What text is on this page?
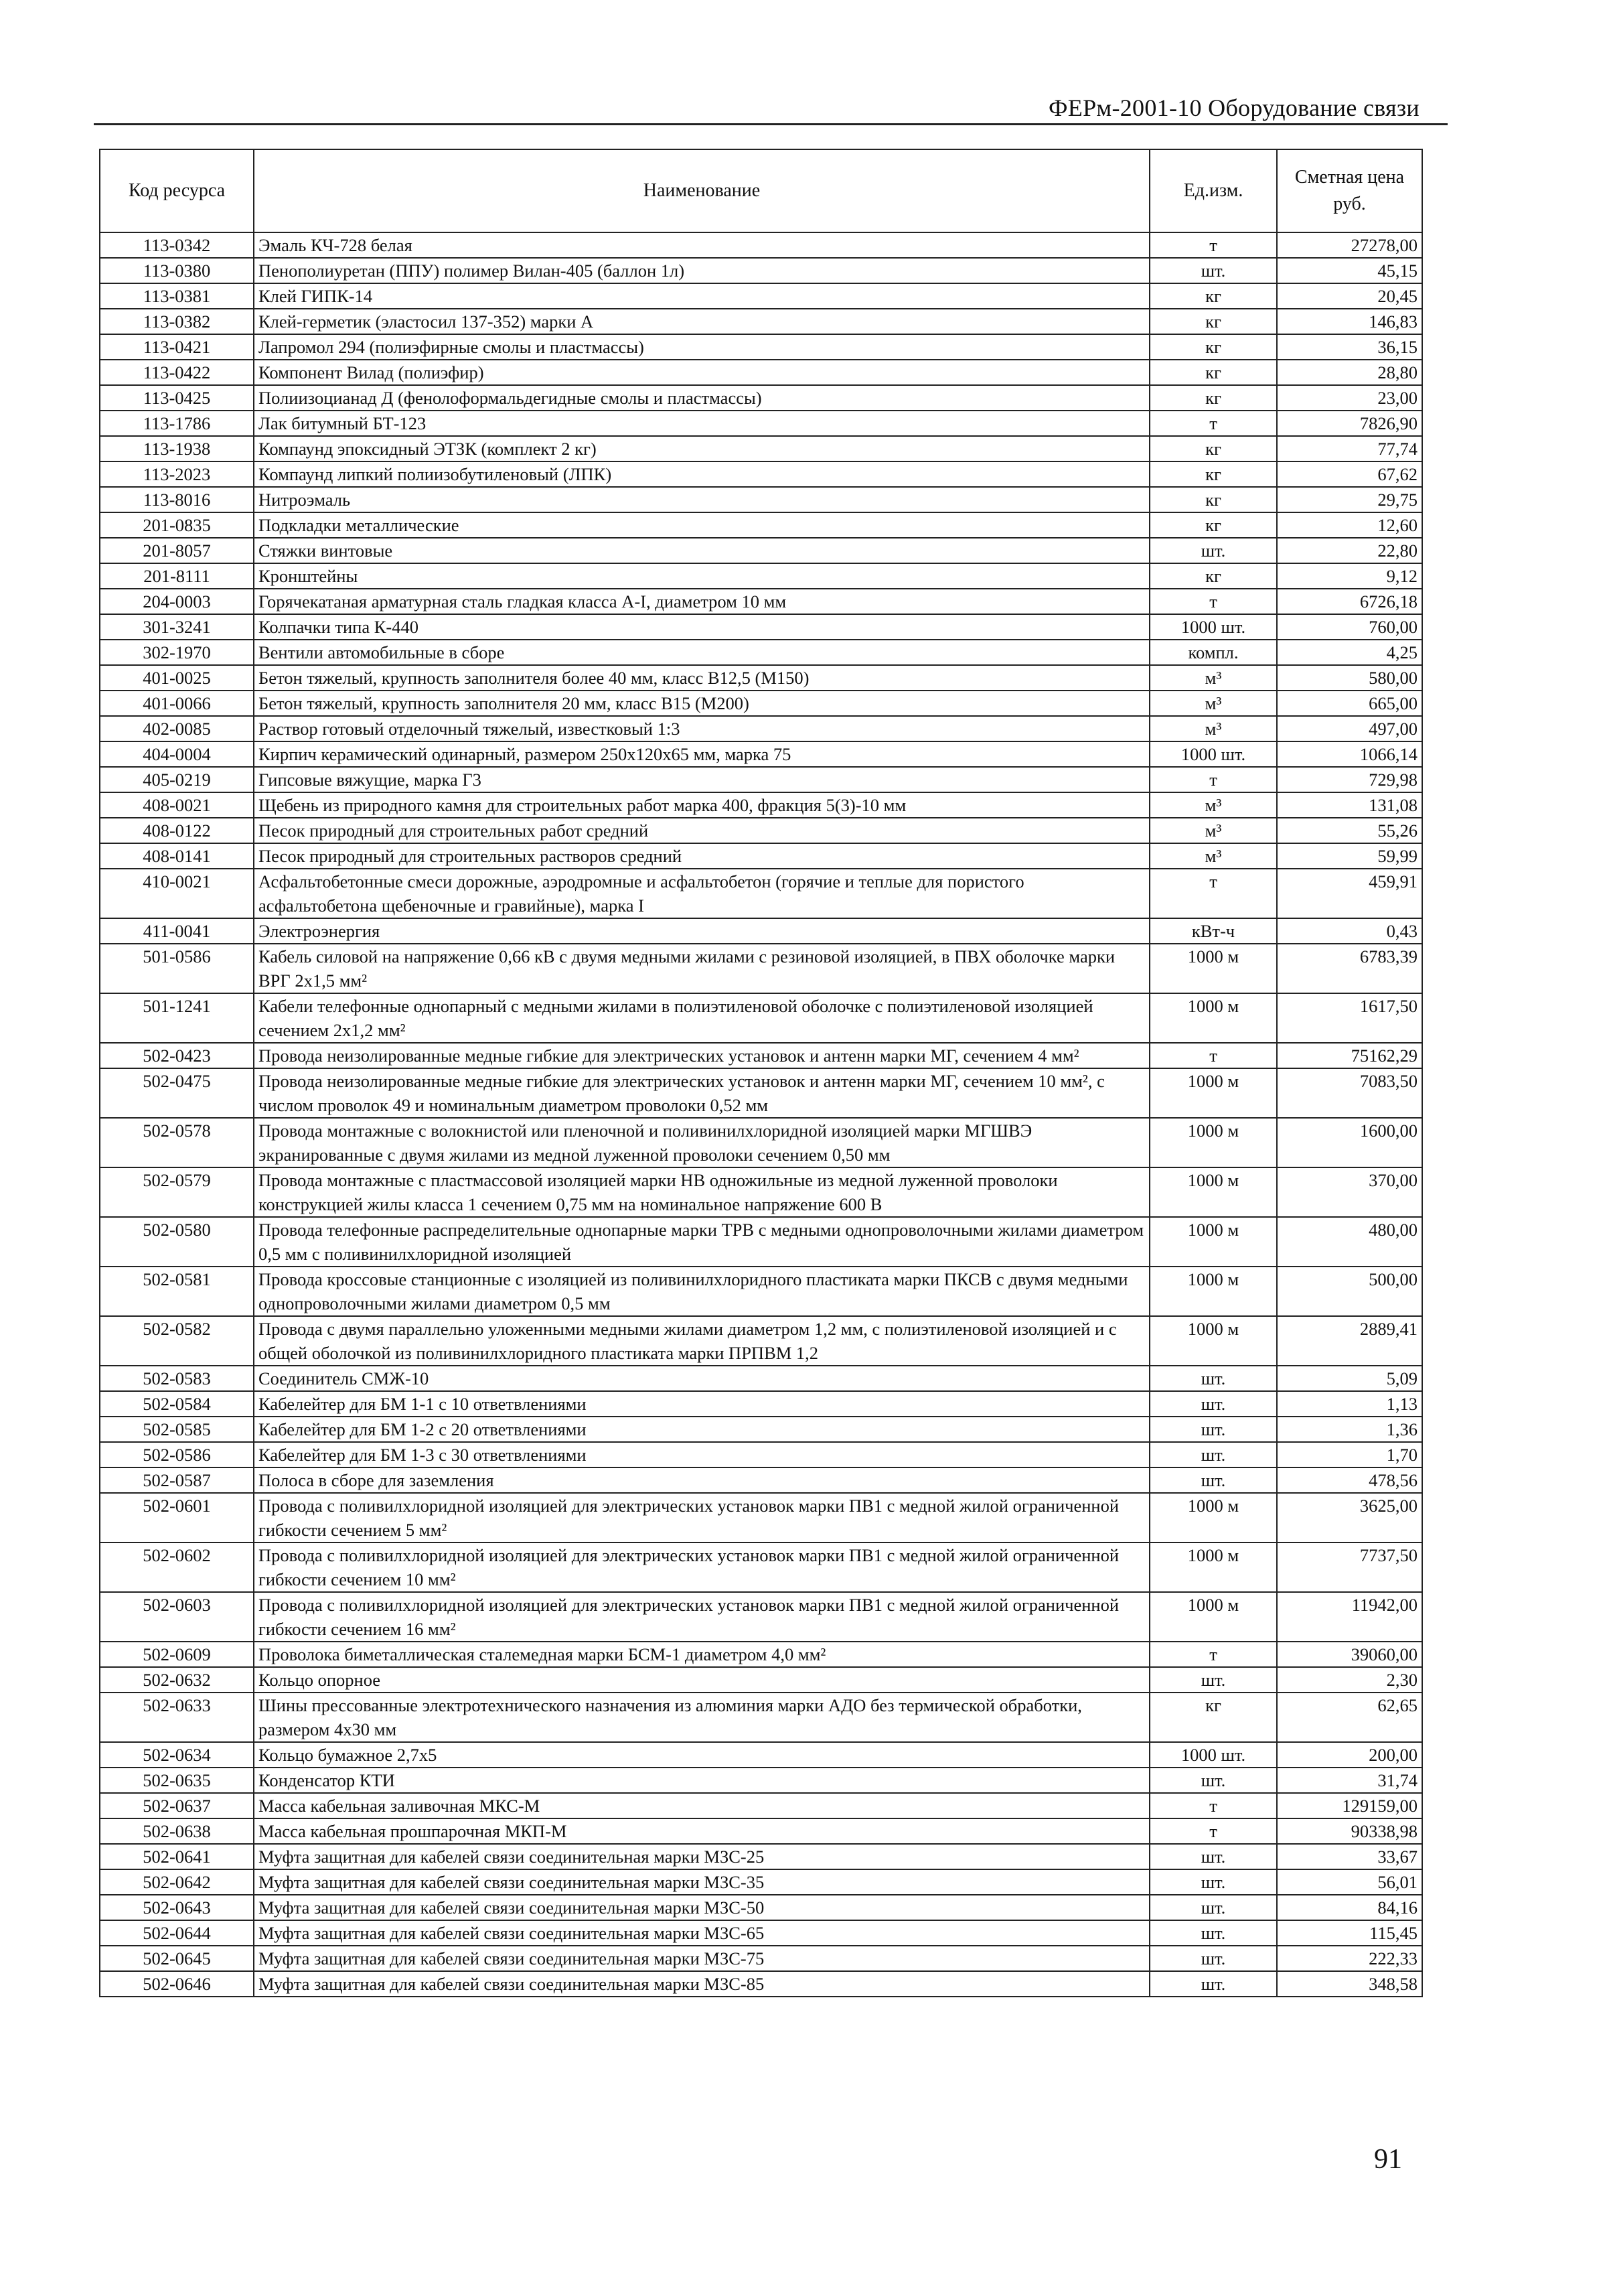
ФЕРм-2001-10 Оборудование связи
Код ресурса	Наименование	Ед.изм.	Сметная цена руб.
113-0342	Эмаль КЧ-728 белая	т	27278,00
113-0380	Пенополиуретан (ППУ) полимер Вилан-405 (баллон 1л)	шт.	45,15
113-0381	Клей ГИПК-14	кг	20,45
113-0382	Клей-герметик (эластосил 137-352) марки А	кг	146,83
113-0421	Лапромол 294 (полиэфирные смолы и пластмассы)	кг	36,15
113-0422	Компонент Вилад (полиэфир)	кг	28,80
113-0425	Полиизоцианад Д (фенолоформальдегидные смолы и пластмассы)	кг	23,00
113-1786	Лак битумный БТ-123	т	7826,90
113-1938	Компаунд эпоксидный ЭТЗК (комплект 2 кг)	кг	77,74
113-2023	Компаунд липкий полиизобутиленовый (ЛПК)	кг	67,62
113-8016	Нитроэмаль	кг	29,75
201-0835	Подкладки металлические	кг	12,60
201-8057	Стяжки винтовые	шт.	22,80
201-8111	Кронштейны	кг	9,12
204-0003	Горячекатаная арматурная сталь гладкая класса A-I, диаметром 10 мм	т	6726,18
301-3241	Колпачки типа К-440	1000 шт.	760,00
302-1970	Вентили автомобильные в сборе	компл.	4,25
401-0025	Бетон тяжелый, крупность заполнителя более 40 мм, класс В12,5 (М150)	м³	580,00
401-0066	Бетон тяжелый, крупность заполнителя 20 мм, класс В15 (М200)	м³	665,00
402-0085	Раствор готовый отделочный тяжелый, известковый 1:3	м³	497,00
404-0004	Кирпич керамический одинарный, размером 250x120x65 мм, марка 75	1000 шт.	1066,14
405-0219	Гипсовые вяжущие, марка Г3	т	729,98
408-0021	Щебень из природного камня для строительных работ марка 400, фракция 5(3)-10 мм	м³	131,08
408-0122	Песок природный для строительных работ средний	м³	55,26
408-0141	Песок природный для строительных растворов средний	м³	59,99
410-0021	Асфальтобетонные смеси дорожные, аэродромные и асфальтобетон (горячие и теплые для пористого асфальтобетона щебеночные и гравийные), марка I	т	459,91
411-0041	Электроэнергия	кВт-ч	0,43
501-0586	Кабель силовой на напряжение 0,66 кВ с двумя медными жилами с резиновой изоляцией, в ПВХ оболочке марки ВРГ 2x1,5 мм²	1000 м	6783,39
501-1241	Кабели телефонные однопарный с медными жилами в полиэтиленовой оболочке с полиэтиленовой изоляцией сечением 2x1,2 мм²	1000 м	1617,50
502-0423	Провода неизолированные медные гибкие для электрических установок и антенн марки МГ, сечением 4 мм²	т	75162,29
502-0475	Провода неизолированные медные гибкие для электрических установок и антенн марки МГ, сечением 10 мм², с числом проволок 49 и номинальным диаметром проволоки 0,52 мм	1000 м	7083,50
502-0578	Провода монтажные с волокнистой или пленочной и поливинилхлоридной изоляцией марки МГШВЭ экранированные с двумя жилами из медной луженной проволоки сечением 0,50 мм	1000 м	1600,00
502-0579	Провода монтажные с пластмассовой изоляцией марки НВ одножильные из медной луженной проволоки конструкцией жилы класса 1 сечением 0,75 мм на номинальное напряжение 600 В	1000 м	370,00
502-0580	Провода телефонные распределительные однопарные марки ТРВ с медными однопроволочными жилами диаметром 0,5 мм с поливинилхлоридной изоляцией	1000 м	480,00
502-0581	Провода кроссовые станционные с изоляцией из поливинилхлоридного пластиката марки ПКСВ с двумя медными однопроволочными жилами диаметром 0,5 мм	1000 м	500,00
502-0582	Провода с двумя параллельно уложенными медными жилами диаметром 1,2 мм, с полиэтиленовой изоляцией и с общей оболочкой из поливинилхлоридного пластиката марки ПРПВМ 1,2	1000 м	2889,41
502-0583	Соединитель СМЖ-10	шт.	5,09
502-0584	Кабелейтер для БМ 1-1 с 10 ответвлениями	шт.	1,13
502-0585	Кабелейтер для БМ 1-2 с 20 ответвлениями	шт.	1,36
502-0586	Кабелейтер для БМ 1-3 с 30 ответвлениями	шт.	1,70
502-0587	Полоса в сборе для заземления	шт.	478,56
502-0601	Провода с поливилхлоридной изоляцией для электрических установок марки ПВ1 с медной жилой ограниченной гибкости сечением 5 мм²	1000 м	3625,00
502-0602	Провода с поливилхлоридной изоляцией для электрических установок марки ПВ1 с медной жилой ограниченной гибкости сечением 10 мм²	1000 м	7737,50
502-0603	Провода с поливилхлоридной изоляцией для электрических установок марки ПВ1 с медной жилой ограниченной гибкости сечением 16 мм²	1000 м	11942,00
502-0609	Проволока биметаллическая сталемедная марки БСМ-1 диаметром 4,0 мм²	т	39060,00
502-0632	Кольцо опорное	шт.	2,30
502-0633	Шины прессованные электротехнического назначения из алюминия марки АДО без термической обработки, размером 4x30 мм	кг	62,65
502-0634	Кольцо бумажное 2,7x5	1000 шт.	200,00
502-0635	Конденсатор КТИ	шт.	31,74
502-0637	Масса кабельная заливочная МКС-М	т	129159,00
502-0638	Масса кабельная прошпарочная МКП-М	т	90338,98
502-0641	Муфта защитная для кабелей связи соединительная марки МЗС-25	шт.	33,67
502-0642	Муфта защитная для кабелей связи соединительная марки МЗС-35	шт.	56,01
502-0643	Муфта защитная для кабелей связи соединительная марки МЗС-50	шт.	84,16
502-0644	Муфта защитная для кабелей связи соединительная марки МЗС-65	шт.	115,45
502-0645	Муфта защитная для кабелей связи соединительная марки МЗС-75	шт.	222,33
502-0646	Муфта защитная для кабелей связи соединительная марки МЗС-85	шт.	348,58
91
